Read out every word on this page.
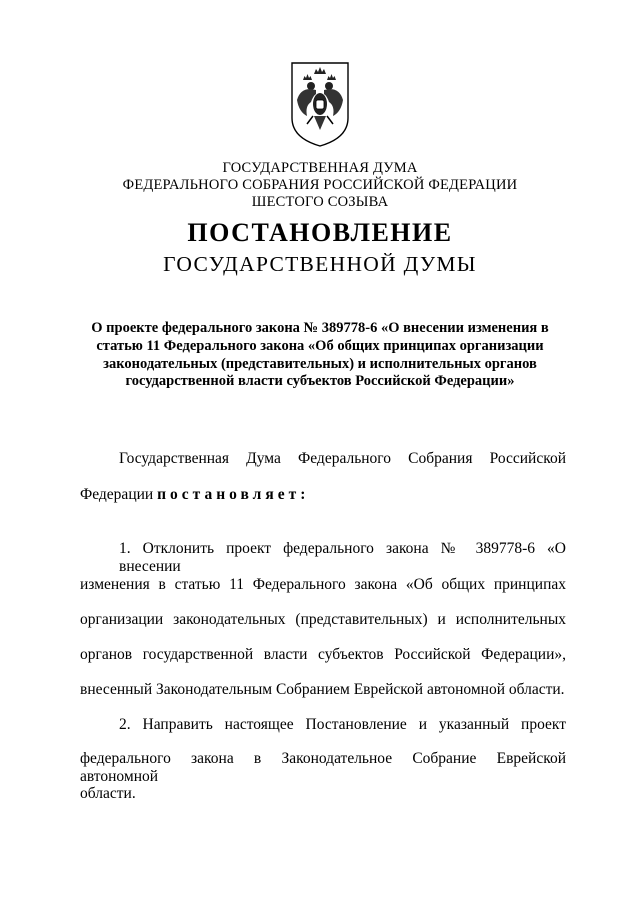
ГОСУДАРСТВЕННАЯ ДУМА
ФЕДЕРАЛЬНОГО СОБРАНИЯ РОССИЙСКОЙ ФЕДЕРАЦИИ
ШЕСТОГО СОЗЫВА
ПОСТАНОВЛЕНИЕ
ГОСУДАРСТВЕННОЙ ДУМЫ
О проекте федерального закона № 389778-6 «О внесении изменения в
статью 11 Федерального закона «Об общих принципах организации
законодательных (представительных) и исполнительных органов
государственной власти субъектов Российской Федерации»
Государственная Дума Федерального Собрания Российской
Федерации постановляет:
1. Отклонить проект федерального закона № 389778-6 «О внесении
изменения в статью 11 Федерального закона «Об общих принципах
организации законодательных (представительных) и исполнительных
органов государственной власти субъектов Российской Федерации»,
внесенный Законодательным Собранием Еврейской автономной области.
2. Направить настоящее Постановление и указанный проект
федерального закона в Законодательное Собрание Еврейской автономной
области.
